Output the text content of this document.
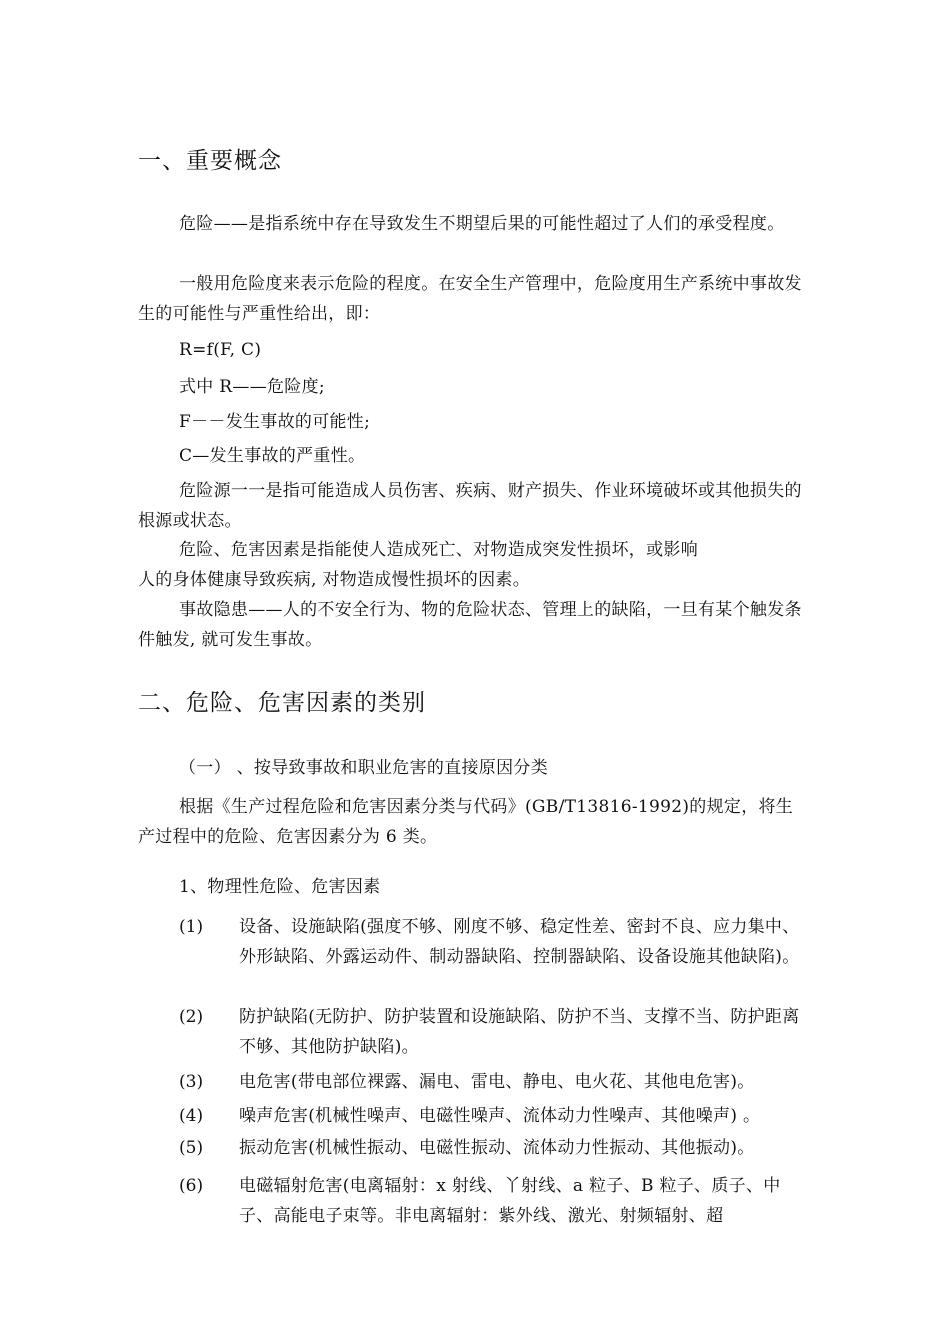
一、重要概念

危险——是指系统中存在导致发生不期望后果的可能性超过了人们的承受程度。

一般用危险度来表示危险的程度。在安全生产管理中，危险度用生产系统中事故发生的可能性与严重性给出，即：

R=f(F, C)

式中 R——危险度;

F－－发生事故的可能性;

C—发生事故的严重性。

危险源一一是指可能造成人员伤害、疾病、财产损失、作业环境破坏或其他损失的根源或状态。

危险、危害因素是指能使人造成死亡、对物造成突发性损坏，或影响

人的身体健康导致疾病, 对物造成慢性损坏的因素。

事故隐患——人的不安全行为、物的危险状态、管理上的缺陷，一旦有某个触发条件触发, 就可发生事故。

二、危险、危害因素的类别

（一） 、按导致事故和职业危害的直接原因分类

根据《生产过程危险和危害因素分类与代码》(GB/T13816-1992)的规定，将生产过程中的危险、危害因素分为 6 类。

1、物理性危险、危害因素

(1) 设备、设施缺陷(强度不够、刚度不够、稳定性差、密封不良、应力集中、外形缺陷、外露运动件、制动器缺陷、控制器缺陷、设备设施其他缺陷)。
(2) 防护缺陷(无防护、防护装置和设施缺陷、防护不当、支撑不当、防护距离不够、其他防护缺陷)。
(3) 电危害(带电部位裸露、漏电、雷电、静电、电火花、其他电危害)。
(4) 噪声危害(机械性噪声、电磁性噪声、流体动力性噪声、其他噪声) 。
(5) 振动危害(机械性振动、电磁性振动、流体动力性振动、其他振动)。
(6) 电磁辐射危害(电离辐射：x 射线、丫射线、a 粒子、B 粒子、质子、中子、高能电子束等。非电离辐射：紫外线、激光、射频辐射、超
